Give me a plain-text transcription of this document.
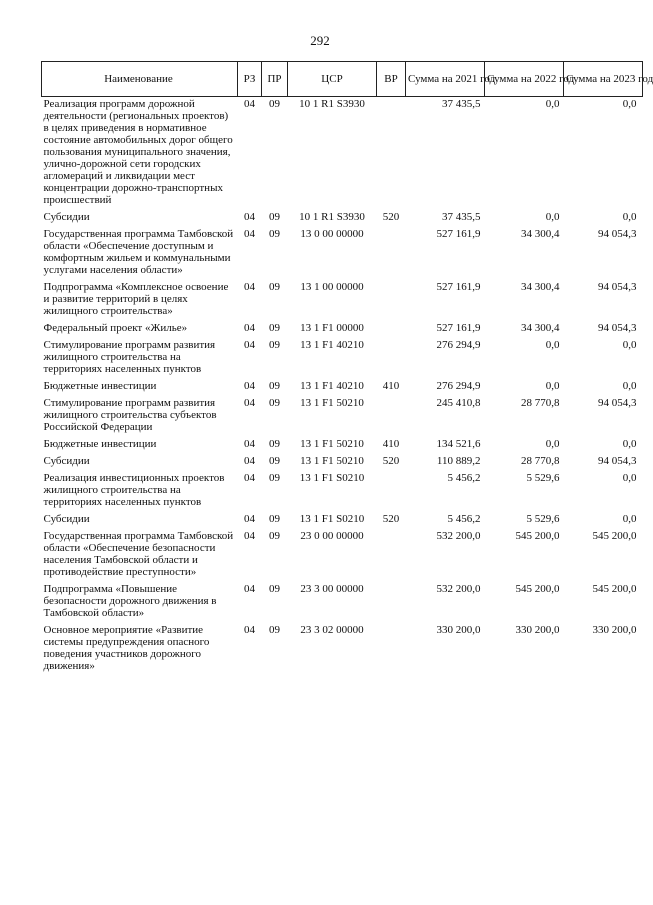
292
Наименование	РЗ	ПР	ЦСР	ВР	Сумма на 2021 год	Сумма на 2022 год	Сумма на 2023 год
Реализация программ дорожной деятельности (региональных проектов) в целях приведения в нормативное состояние автомобильных дорог общего пользования муниципального значения, улично-дорожной сети городских агломераций и ликвидации мест концентрации дорожно-транспортных происшествий	04	09	10 1 R1 S3930		37 435,5	0,0	0,0
Субсидии	04	09	10 1 R1 S3930	520	37 435,5	0,0	0,0
Государственная программа Тамбовской области «Обеспечение доступным и комфортным жильем и коммунальными услугами населения области»	04	09	13 0 00 00000		527 161,9	34 300,4	94 054,3
Подпрограмма «Комплексное освоение и развитие территорий в целях жилищного строительства»	04	09	13 1 00 00000		527 161,9	34 300,4	94 054,3
Федеральный проект «Жилье»	04	09	13 1 F1 00000		527 161,9	34 300,4	94 054,3
Стимулирование программ развития жилищного строительства на территориях населенных пунктов	04	09	13 1 F1 40210		276 294,9	0,0	0,0
Бюджетные инвестиции	04	09	13 1 F1 40210	410	276 294,9	0,0	0,0
Стимулирование программ развития жилищного строительства субъектов Российской Федерации	04	09	13 1 F1 50210		245 410,8	28 770,8	94 054,3
Бюджетные инвестиции	04	09	13 1 F1 50210	410	134 521,6	0,0	0,0
Субсидии	04	09	13 1 F1 50210	520	110 889,2	28 770,8	94 054,3
Реализация инвестиционных проектов жилищного строительства на территориях населенных пунктов	04	09	13 1 F1 S0210		5 456,2	5 529,6	0,0
Субсидии	04	09	13 1 F1 S0210	520	5 456,2	5 529,6	0,0
Государственная программа Тамбовской области «Обеспечение безопасности населения Тамбовской области и противодействие преступности»	04	09	23 0 00 00000		532 200,0	545 200,0	545 200,0
Подпрограмма «Повышение безопасности дорожного движения в Тамбовской области»	04	09	23 3 00 00000		532 200,0	545 200,0	545 200,0
Основное мероприятие «Развитие системы предупреждения опасного поведения участников дорожного движения»	04	09	23 3 02 00000		330 200,0	330 200,0	330 200,0
